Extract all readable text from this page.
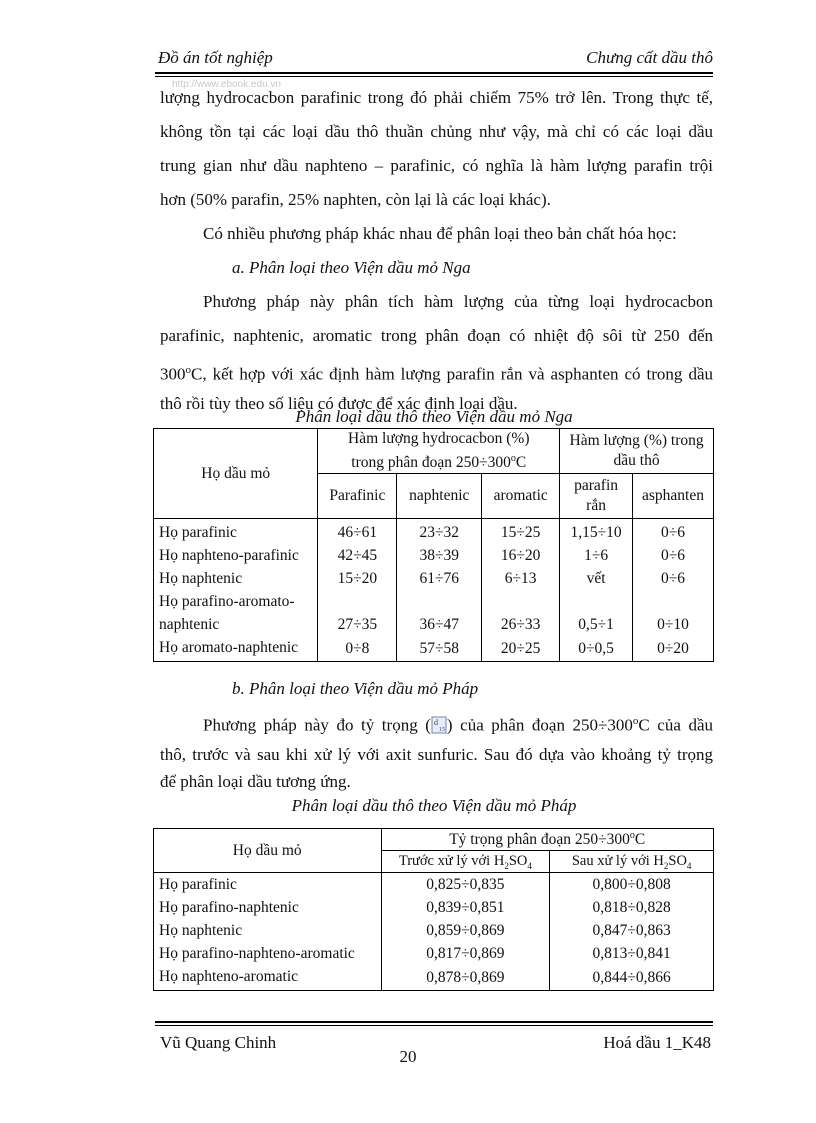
Đồ án tốt nghiệp	Chưng cất dầu thô
http://www.ebook.edu.vn
lượng hydrocacbon parafinic trong đó phải chiếm 75% trở lên. Trong thực tế,
không tồn tại các loại dầu thô thuần chủng như vậy, mà chỉ có các loại dầu
trung gian như dầu naphteno – parafinic, có nghĩa là hàm lượng parafin trội
hơn (50% parafin, 25% naphten, còn lại là các loại khác).
Có nhiều phương pháp khác nhau để phân loại theo bản chất hóa học:
a. Phân loại theo Viện dầu mỏ Nga
Phương pháp này phân tích hàm lượng của từng loại hydrocacbon
parafinic, naphtenic, aromatic trong phân đoạn có nhiệt độ sôi từ 250 đến
300$^o$C, kết hợp với xác định hàm lượng parafin rắn và asphanten có trong dầu
thô rồi tùy theo số liệu có được để xác định loại dầu.
Phân loại dầu thô theo Viện dầu mỏ Nga
Họ dầu mỏ	Hàm lượng hydrocacbon (%)
trong phân đoạn $250\div 300^oC$			Hàm lượng (%) trong dầu thô	
	Parafinic	naphtenic	aromatic	parafin rắn	asphanten
Họ parafinic	46÷61	23÷32	15÷25	1,15÷10	0÷6
Họ naphteno-parafinic	42÷45	38÷39	16÷20	1÷6	0÷6
Họ naphtenic	15÷20	61÷76	6÷13	vết	0÷6
Họ parafino-aromato-
naphtenic	27÷35	36÷47	26÷33	0,5÷1	0÷10
Họ aromato-naphtenic	0÷8	57÷58	20÷25	0÷0,5	0÷20
b. Phân loại theo Viện dầu mỏ Pháp
Phương pháp này đo tỷ trọng ( d
15 ) của phân đoạn $250\div 300^oC$ của dầu
thô, trước và sau khi xử lý với axit sunfuric. Sau đó dựa vào khoảng tỷ trọng
để phân loại dầu tương ứng.
Phân loại dầu thô theo Viện dầu mỏ Pháp
Họ dầu mỏ	Tỷ trọng phân đoạn $250\div 300^oC$	
	Trước xử lý với $H_2SO_4$	Sau xử lý với $H_2SO_4$
Họ parafinic	0,825÷0,835	0,800÷0,808
Họ parafino-naphtenic	0,839÷0,851	0,818÷0,828
Họ naphtenic	0,859÷0,869	0,847÷0,863
Họ parafino-naphteno-aromatic	0,817÷0,869	0,813÷0,841
Họ naphteno-aromatic	0,878÷0,869	0,844÷0,866
Vũ Quang Chinh	Hoá dầu 1_K48
20
